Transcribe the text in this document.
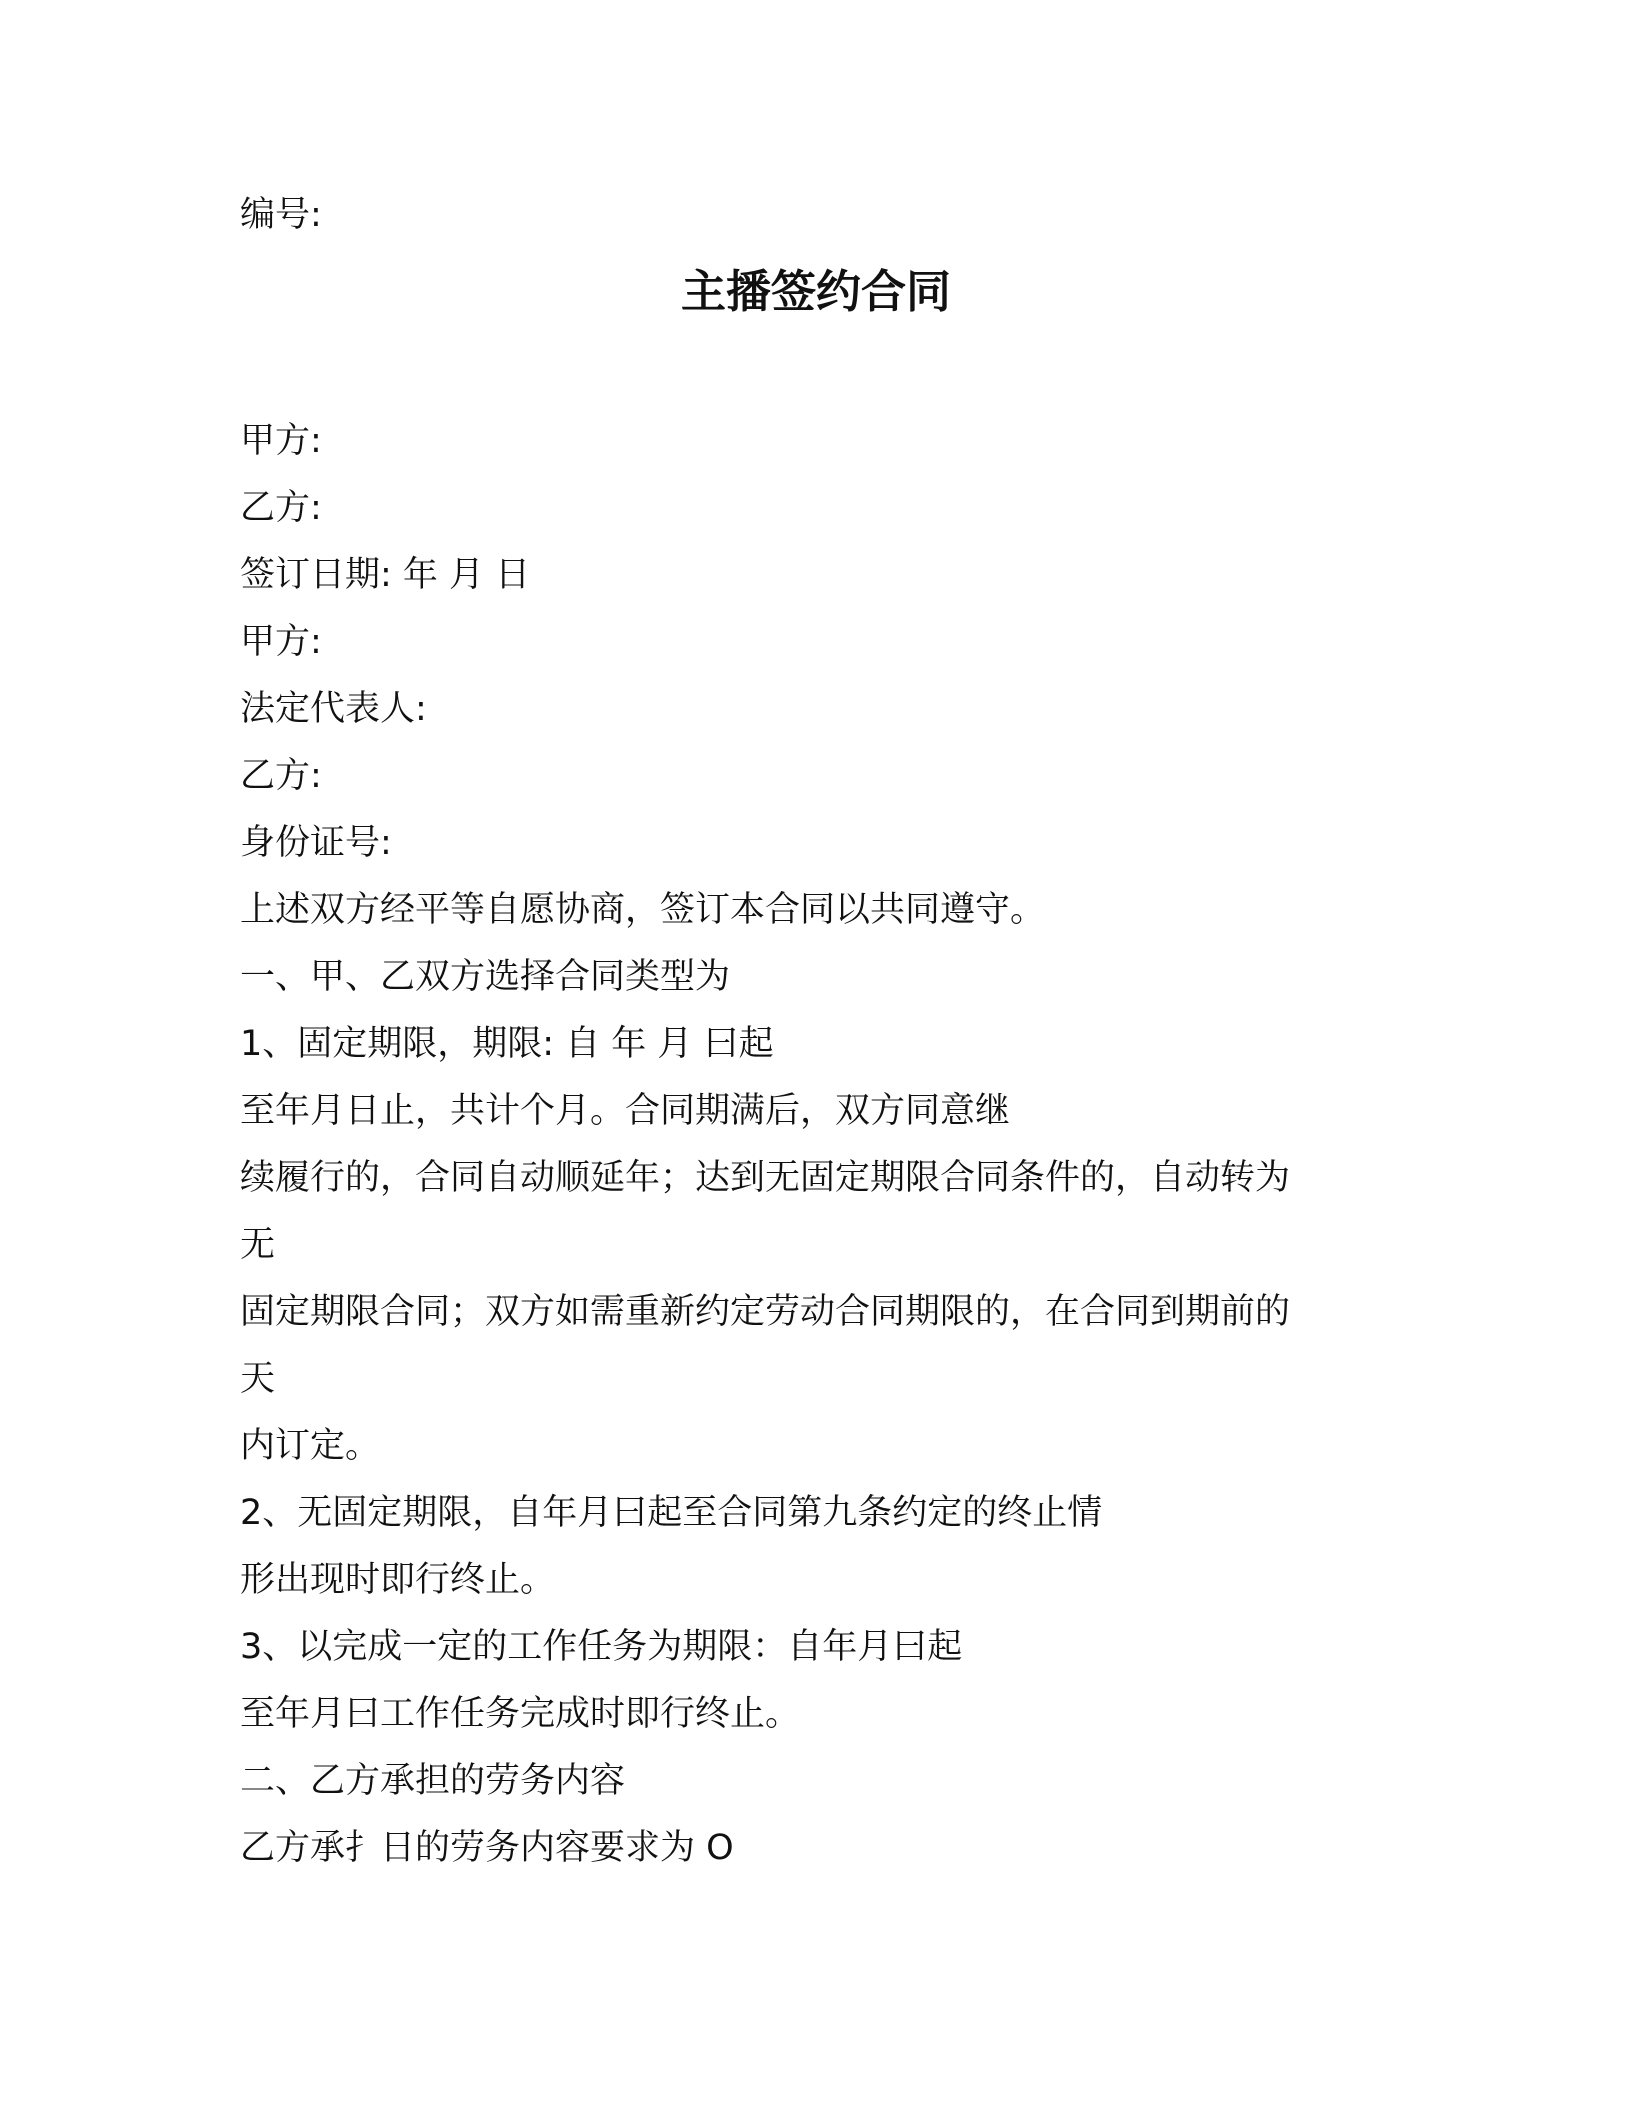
编号:
主播签约合同
甲方:
乙方:
签订日期: 年 月 日
甲方:
法定代表人:
乙方:
身份证号:
上述双方经平等自愿协商，签订本合同以共同遵守。
一、甲、乙双方选择合同类型为
1、固定期限，期限: 自 年 月 曰起
至年月日止，共计个月。合同期满后，双方同意继
续履行的，合同自动顺延年；达到无固定期限合同条件的，自动转为
无
固定期限合同；双方如需重新约定劳动合同期限的，在合同到期前的
天
内订定。
2、无固定期限，自年月曰起至合同第九条约定的终止情
形出现时即行终止。
3、以完成一定的工作任务为期限：自年月曰起
至年月曰工作任务完成时即行终止。
二、乙方承担的劳务内容
乙方承扌日的劳务内容要求为 O
